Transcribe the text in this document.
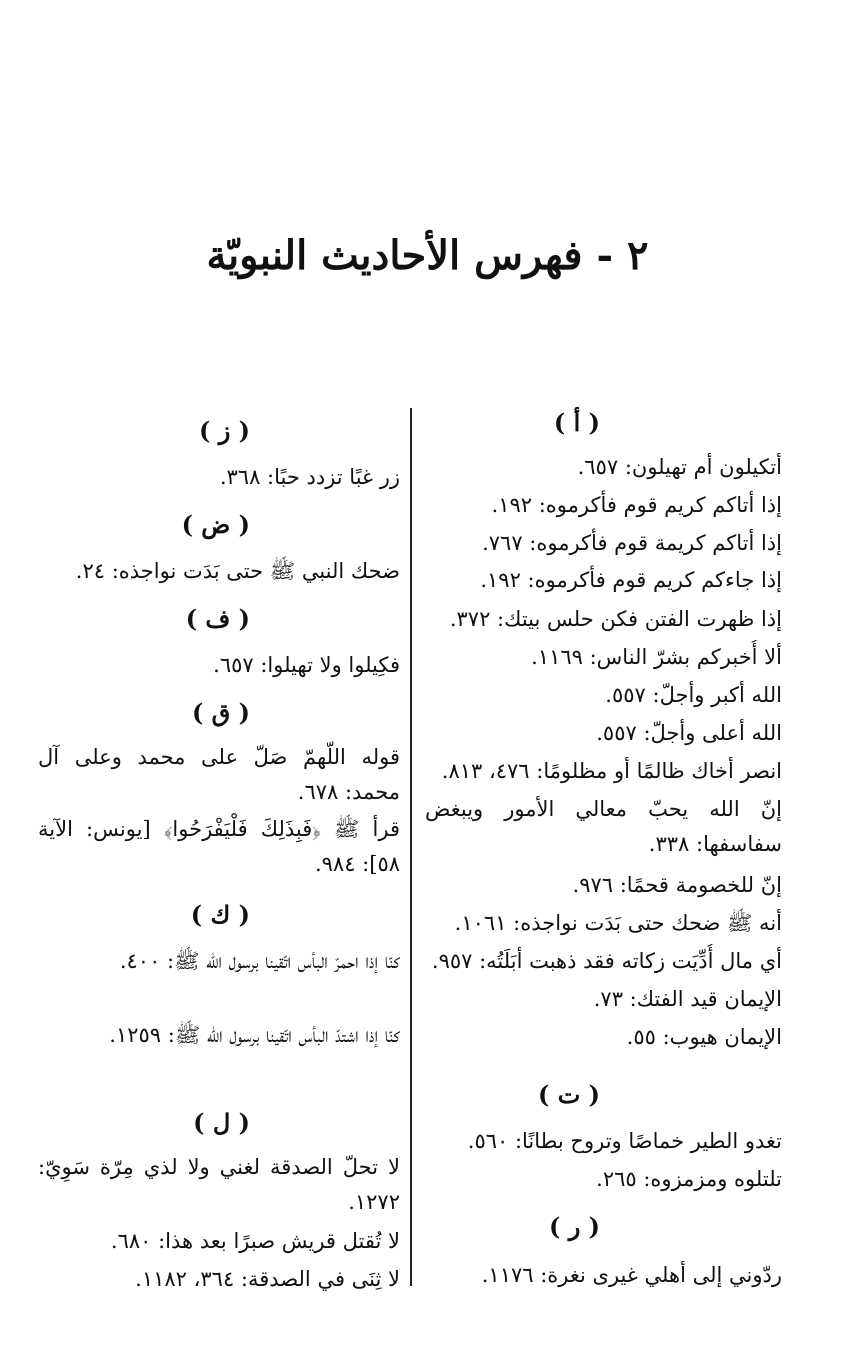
٢ - فهرس الأحاديث النبويّة
( أ )
أتكيلون أم تهيلون: ٦٥٧.
إذا أتاكم كريم قوم فأكرموه: ١٩٢.
إذا أتاكم كريمة قوم فأكرموه: ٧٦٧.
إذا جاءكم كريم قوم فأكرموه: ١٩٢.
إذا ظهرت الفتن فكن حلس بيتك: ٣٧٢.
ألا أُخبركم بشرّ الناس: ١١٦٩.
الله أكبر وأجلّ: ٥٥٧.
الله أعلى وأجلّ: ٥٥٧.
انصر أخاك ظالمًا أو مظلومًا: ٤٧٦، ٨١٣.
إنّ الله يحبّ معالي الأمور ويبغض سفاسفها: ٣٣٨.
إنّ للخصومة قحمًا: ٩٧٦.
أنه ﷺ ضحك حتى بَدَت نواجذه: ١٠٦١.
أي مال أُدِّيَت زكاته فقد ذهبت أبَلَتُه: ٩٥٧.
الإيمان قيد الفتك: ٧٣.
الإيمان هيوب: ٥٥.
( ت )
تغدو الطير خماصًا وتروح بطانًا: ٥٦٠.
تلتلوه ومزمزوه: ٢٦٥.
( ر )
ردّوني إلى أهلي غيرى نغرة: ١١٧٦.
( ز )
زر غبًا تزدد حبًا: ٣٦٨.
( ض )
ضحك النبي ﷺ حتى بَدَت نواجذه: ٢٤.
( ف )
فكِيلوا ولا تهيلوا: ٦٥٧.
( ق )
قوله اللّهمّ صَلّ على محمد وعلى آل محمد: ٦٧٨.
قرأ ﷺ ﴿فَبِذَلِكَ فَلْيَفْرَحُوا﴾ [يونس: الآية ٥٨]: ٩٨٤.
( ك )
كنّا إذا احمرّ البأس اتّقينا برسول الله ﷺ: ٤٠٠.
كنّا إذا اشتدّ البأس اتّقينا برسول الله ﷺ: ١٢٥٩.
( ل )
لا تحلّ الصدقة لغني ولا لذي مِرّة سَوِيّ: ١٢٧٢.
لا تُقتل قريش صبرًا بعد هذا: ٦٨٠.
لا ثِنَى في الصدقة: ٣٦٤، ١١٨٢.
